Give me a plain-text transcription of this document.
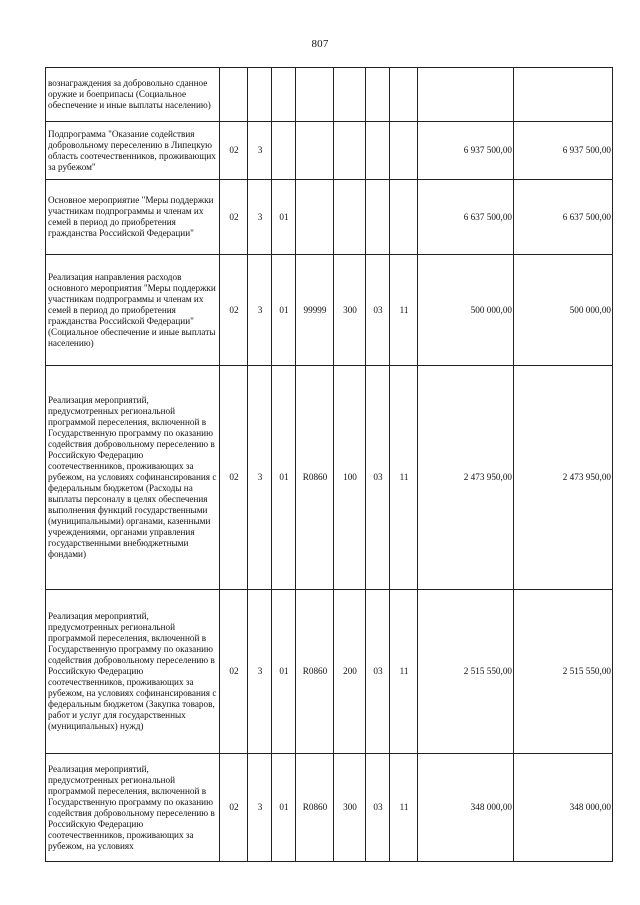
807
вознаграждения за добровольно сданное оружие и боеприпасы (Социальное обеспечение и иные выплаты населению)									
Подпрограмма "Оказание содействия добровольному переселению в Липецкую область соотечественников, проживающих за рубежом"	02	3						6 937 500,00	6 937 500,00
Основное мероприятие "Меры поддержки участникам подпрограммы и членам их семей в период до приобретения гражданства Российской Федерации"	02	3	01					6 637 500,00	6 637 500,00
Реализация направления расходов основного мероприятия "Меры поддержки участникам подпрограммы и членам их семей в период до приобретения гражданства Российской Федерации" (Социальное обеспечение и иные выплаты населению)	02	3	01	99999	300	03	11	500 000,00	500 000,00
Реализация мероприятий, предусмотренных региональной программой переселения, включенной в Государственную программу по оказанию содействия добровольному переселению в Российскую Федерацию соотечественников, проживающих за рубежом, на условиях софинансирования с федеральным бюджетом (Расходы на выплаты персоналу в целях обеспечения выполнения функций государственными (муниципальными) органами, казенными учреждениями, органами управления государственными внебюджетными фондами)	02	3	01	R0860	100	03	11	2 473 950,00	2 473 950,00
Реализация мероприятий, предусмотренных региональной программой переселения, включенной в Государственную программу по оказанию содействия добровольному переселению в Российскую Федерацию соотечественников, проживающих за рубежом, на условиях софинансирования с федеральным бюджетом (Закупка товаров, работ и услуг для государственных (муниципальных) нужд)	02	3	01	R0860	200	03	11	2 515 550,00	2 515 550,00
Реализация мероприятий, предусмотренных региональной программой переселения, включенной в Государственную программу по оказанию содействия добровольному переселению в Российскую Федерацию соотечественников, проживающих за рубежом, на условиях	02	3	01	R0860	300	03	11	348 000,00	348 000,00
